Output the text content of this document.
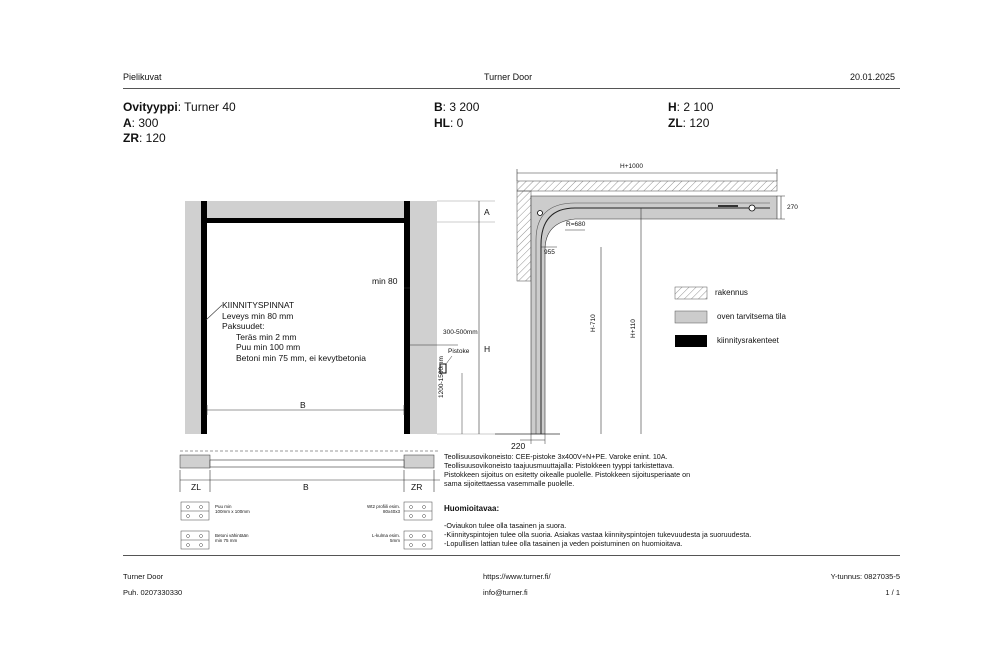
Pielikuvat	Turner Door	20.01.2025
Ovityyppi: Turner 40	B: 3 200	H: 2 100
A: 300	HL: 0	ZL: 120
ZR: 120
min 80
KIINNITYSPINNAT
Leveys min 80 mm
Paksuudet:
Teräs min 2 mm
Puu min 100 mm
Betoni min 75 mm, ei kevytbetonia
B
A
H
300-500mm
Pistoke
1200-1500mm
ZL	B	ZR
Puu min
100mm x 100mm
Betoni vähintään
min 75 mm
Wt2 profiili esim.
80x40x3
L-kulma esim.
5mm
H+1000
270
R=680
955
H-710	H+110
220
rakennus
oven tarvitsema tila
kiinnitysrakenteet
Teollisuusovikoneisto: CEE-pistoke 3x400V+N+PE. Varoke enint. 10A.
Teollisuusovikoneisto taajuusmuuttajalla: Pistokkeen tyyppi tarkistettava.
Pistokkeen sijoitus on esitetty oikealle puolelle. Pistokkeen sijoitusperiaate on
sama sijoitettaessa vasemmalle puolelle.
Huomioitavaa:
-Oviaukon tulee olla tasainen ja suora.
-Kiinnityspintojen tulee olla suoria. Asiakas vastaa kiinnityspintojen tukevuudesta ja suoruudesta.
-Lopullisen lattian tulee olla tasainen ja veden poistuminen on huomioitava.
Turner Door
Puh. 0207330330
https://www.turner.fi/
info@turner.fi
Y-tunnus: 0827035-5
1 / 1
